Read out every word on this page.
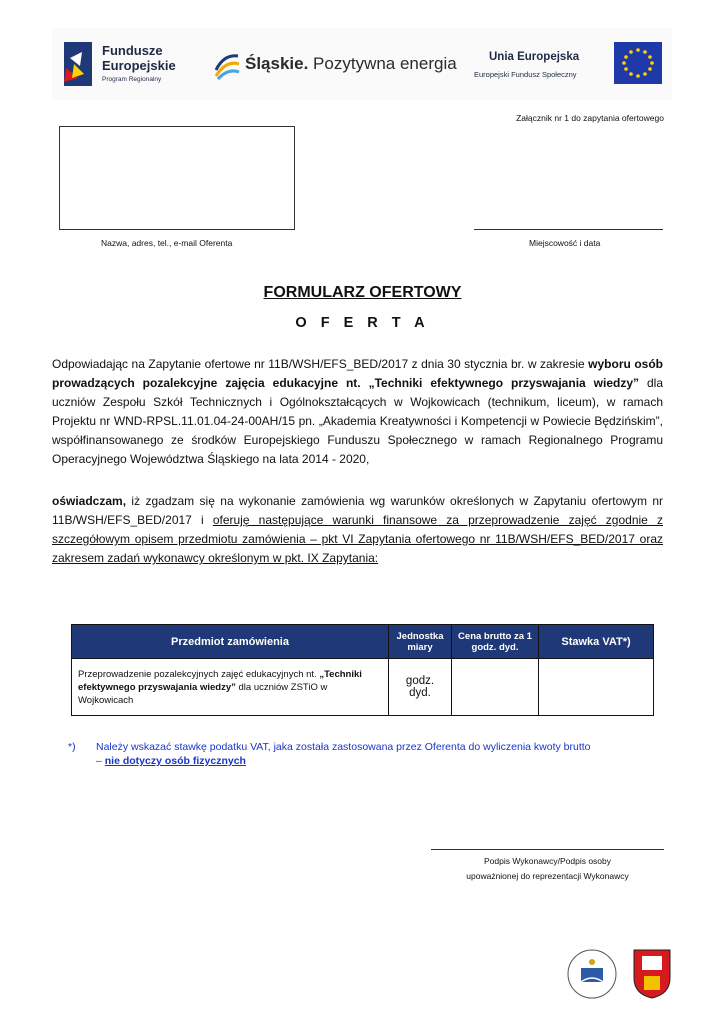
Fundusze
Europejskie
Program Regionalny
Śląskie. Pozytywna energia	Unia Europejska
Europejski Fundusz Społeczny
Załącznik nr 1 do zapytania ofertowego
Nazwa, adres, tel., e-mail Oferenta	Miejscowość i data
FORMULARZ OFERTOWY
O F E R T A
Odpowiadając na Zapytanie ofertowe nr 11B/WSH/EFS_BED/2017 z dnia 30 stycznia br. w zakresie wyboru osób prowadzących pozalekcyjne zajęcia edukacyjne nt. „Techniki efektywnego przyswajania wiedzy” dla uczniów Zespołu Szkół Technicznych i Ogólnokształcących w Wojkowicach (technikum, liceum), w ramach Projektu nr WND-RPSL.11.01.04-24-00AH/15 pn. „Akademia Kreatywności i Kompetencji w Powiecie Będzińskim”, współfinansowanego ze środków Europejskiego Funduszu Społecznego w ramach Regionalnego Programu Operacyjnego Województwa Śląskiego na lata 2014 - 2020,
oświadczam, iż zgadzam się na wykonanie zamówienia wg warunków określonych w Zapytaniu ofertowym nr 11B/WSH/EFS_BED/2017 i oferuję następujące warunki finansowe za przeprowadzenie zajęć zgodnie z szczegółowym opisem przedmiotu zamówienia – pkt VI Zapytania ofertowego nr 11B/WSH/EFS_BED/2017 oraz zakresem zadań wykonawcy określonym w pkt. IX Zapytania:
Przedmiot zamówienia	Jednostka miary	Cena brutto za 1 godz. dyd.	Stawka VAT*)
Przeprowadzenie pozalekcyjnych zajęć edukacyjnych nt. „Techniki efektywnego przyswajania wiedzy” dla uczniów ZSTiO w Wojkowicach	godz. dyd.		
*) Należy wskazać stawkę podatku VAT, jaka została zastosowana przez Oferenta do wyliczenia kwoty brutto
– nie dotyczy osób fizycznych
Podpis Wykonawcy/Podpis osoby
upoważnionej do reprezentacji Wykonawcy
